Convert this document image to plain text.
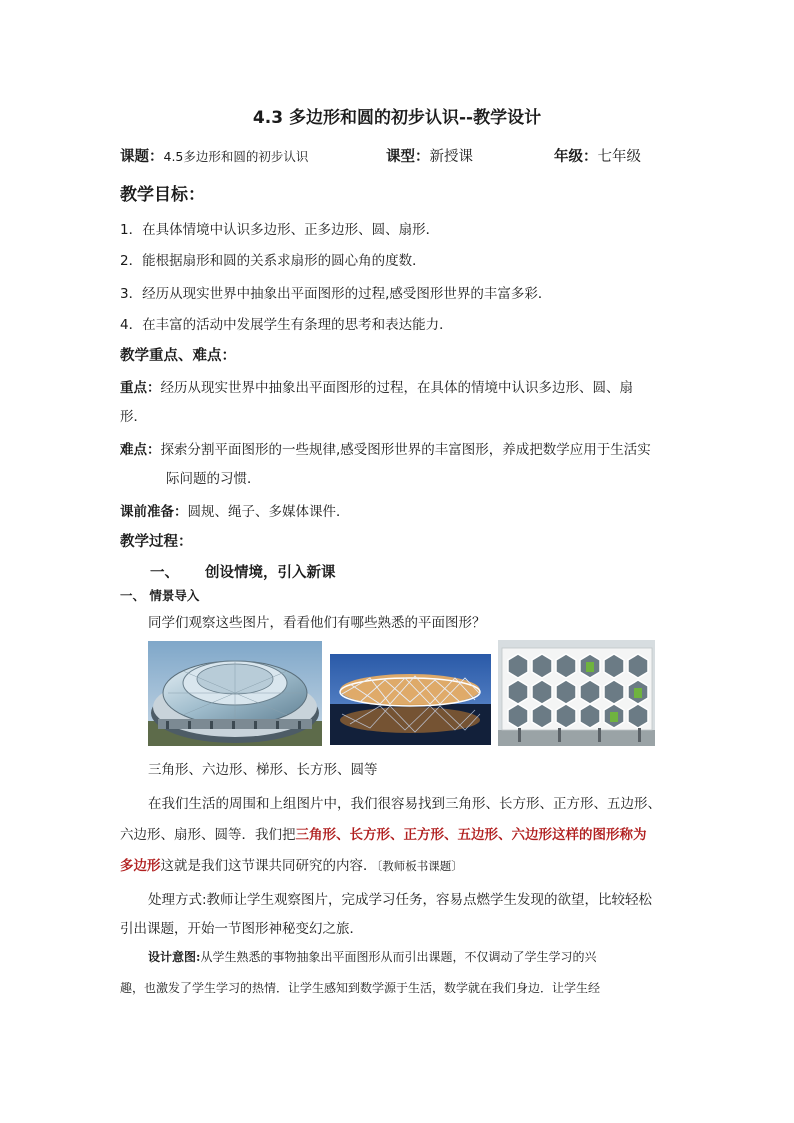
4.3 多边形和圆的初步认识--教学设计
课题：4.5多边形和圆的初步认识	课型：新授课	年级：七年级
教学目标：
1．在具体情境中认识多边形、正多边形、圆、扇形．
2．能根据扇形和圆的关系求扇形的圆心角的度数．
3．经历从现实世界中抽象出平面图形的过程,感受图形世界的丰富多彩．
4．在丰富的活动中发展学生有条理的思考和表达能力．
教学重点、难点：
重点：经历从现实世界中抽象出平面图形的过程，在具体的情境中认识多边形、圆、扇
形．
难点：探索分割平面图形的一些规律,感受图形世界的丰富图形，养成把数学应用于生活实
际问题的习惯．
课前准备：圆规、绳子、多媒体课件．
教学过程：
一、 创设情境，引入新课
一、 情景导入
同学们观察这些图片，看看他们有哪些熟悉的平面图形？
三角形、六边形、梯形、长方形、圆等
在我们生活的周围和上组图片中，我们很容易找到三角形、长方形、正方形、五边形、
六边形、扇形、圆等．我们把三角形、长方形、正方形、五边形、六边形这样的图形称为
多边形这就是我们这节课共同研究的内容．〔教师板书课题〕
处理方式:教师让学生观察图片，完成学习任务，容易点燃学生发现的欲望，比较轻松
引出课题，开始一节图形神秘变幻之旅．
设计意图:从学生熟悉的事物抽象出平面图形从而引出课题，不仅调动了学生学习的兴
趣，也激发了学生学习的热情．让学生感知到数学源于生活，数学就在我们身边．让学生经
